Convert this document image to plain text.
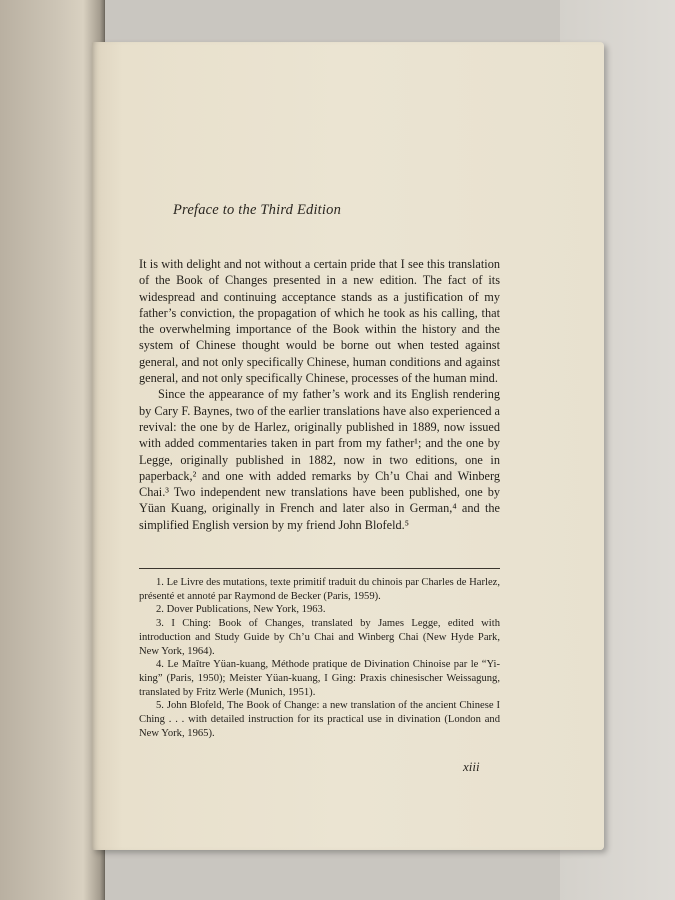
Preface to the Third Edition

It is with delight and not without a certain pride that I see this translation of the Book of Changes presented in a new edition. The fact of its widespread and continuing acceptance stands as a justification of my father’s conviction, the propagation of which he took as his calling, that the overwhelming importance of the Book within the history and the system of Chinese thought would be borne out when tested against general, and not only specifically Chinese, human conditions and against general, and not only specifically Chinese, processes of the human mind.

Since the appearance of my father’s work and its English rendering by Cary F. Baynes, two of the earlier translations have also experienced a revival: the one by de Harlez, originally published in 1889, now issued with added commentaries taken in part from my father¹; and the one by Legge, originally published in 1882, now in two editions, one in paperback,² and one with added remarks by Ch’u Chai and Winberg Chai.³ Two independent new translations have been published, one by Yüan Kuang, originally in French and later also in German,⁴ and the simplified English version by my friend John Blofeld.⁵

1. Le Livre des mutations, texte primitif traduit du chinois par Charles de Harlez, présenté et annoté par Raymond de Becker (Paris, 1959).

2. Dover Publications, New York, 1963.

3. I Ching: Book of Changes, translated by James Legge, edited with introduction and Study Guide by Ch’u Chai and Winberg Chai (New Hyde Park, New York, 1964).

4. Le Maître Yüan-kuang, Méthode pratique de Divination Chinoise par le “Yi-king” (Paris, 1950); Meister Yüan-kuang, I Ging: Praxis chinesischer Weissagung, translated by Fritz Werle (Munich, 1951).

5. John Blofeld, The Book of Change: a new translation of the ancient Chinese I Ching . . . with detailed instruction for its practical use in divination (London and New York, 1965).

xiii
